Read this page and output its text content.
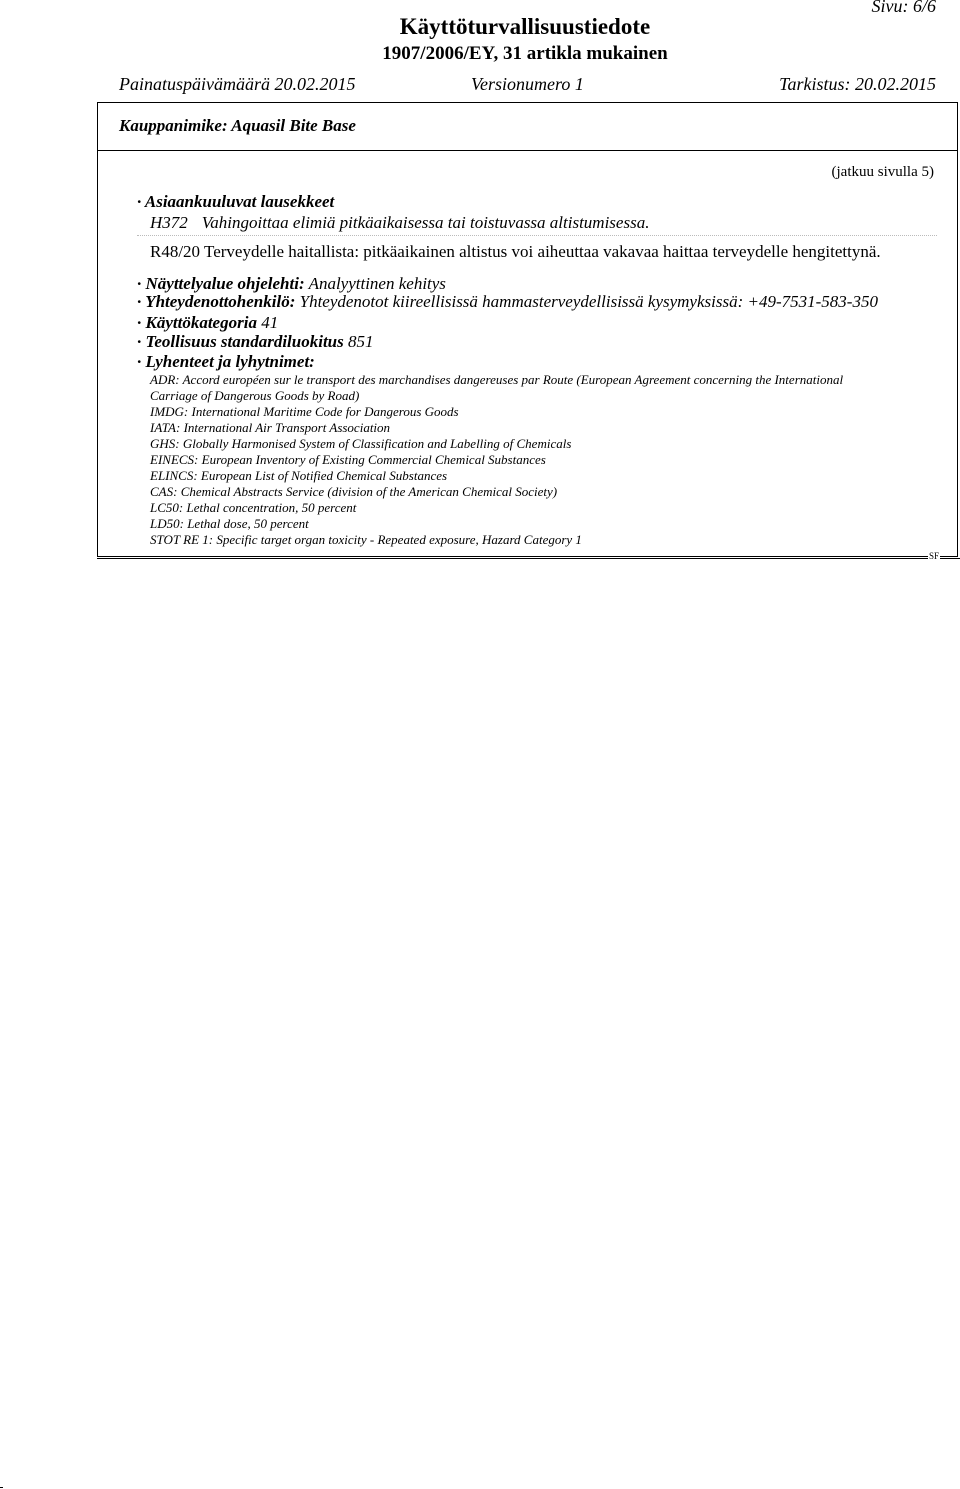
Sivu: 6/6
Käyttöturvallisuustiedote
1907/2006/EY, 31 artikla mukainen
Painatuspäivämäärä 20.02.2015	Versionumero 1	Tarkistus: 20.02.2015
Kauppanimike: Aquasil Bite Base
(jatkuu sivulla 5)
· Asiaankuuluvat lausekkeet
H372 Vahingoittaa elimiä pitkäaikaisessa tai toistuvassa altistumisessa.
R48/20 Terveydelle haitallista: pitkäaikainen altistus voi aiheuttaa vakavaa haittaa terveydelle hengitettynä.
· Näyttelyalue ohjelehti: Analyyttinen kehitys
· Yhteydenottohenkilö: Yhteydenotot kiireellisissä hammasterveydellisissä kysymyksissä: +49-7531-583-350
· Käyttökategoria 41
· Teollisuus standardiluokitus 851
· Lyhenteet ja lyhytnimet:
ADR: Accord européen sur le transport des marchandises dangereuses par Route (European Agreement concerning the International
Carriage of Dangerous Goods by Road)
IMDG: International Maritime Code for Dangerous Goods
IATA: International Air Transport Association
GHS: Globally Harmonised System of Classification and Labelling of Chemicals
EINECS: European Inventory of Existing Commercial Chemical Substances
ELINCS: European List of Notified Chemical Substances
CAS: Chemical Abstracts Service (division of the American Chemical Society)
LC50: Lethal concentration, 50 percent
LD50: Lethal dose, 50 percent
STOT RE 1: Specific target organ toxicity - Repeated exposure, Hazard Category 1
SF
